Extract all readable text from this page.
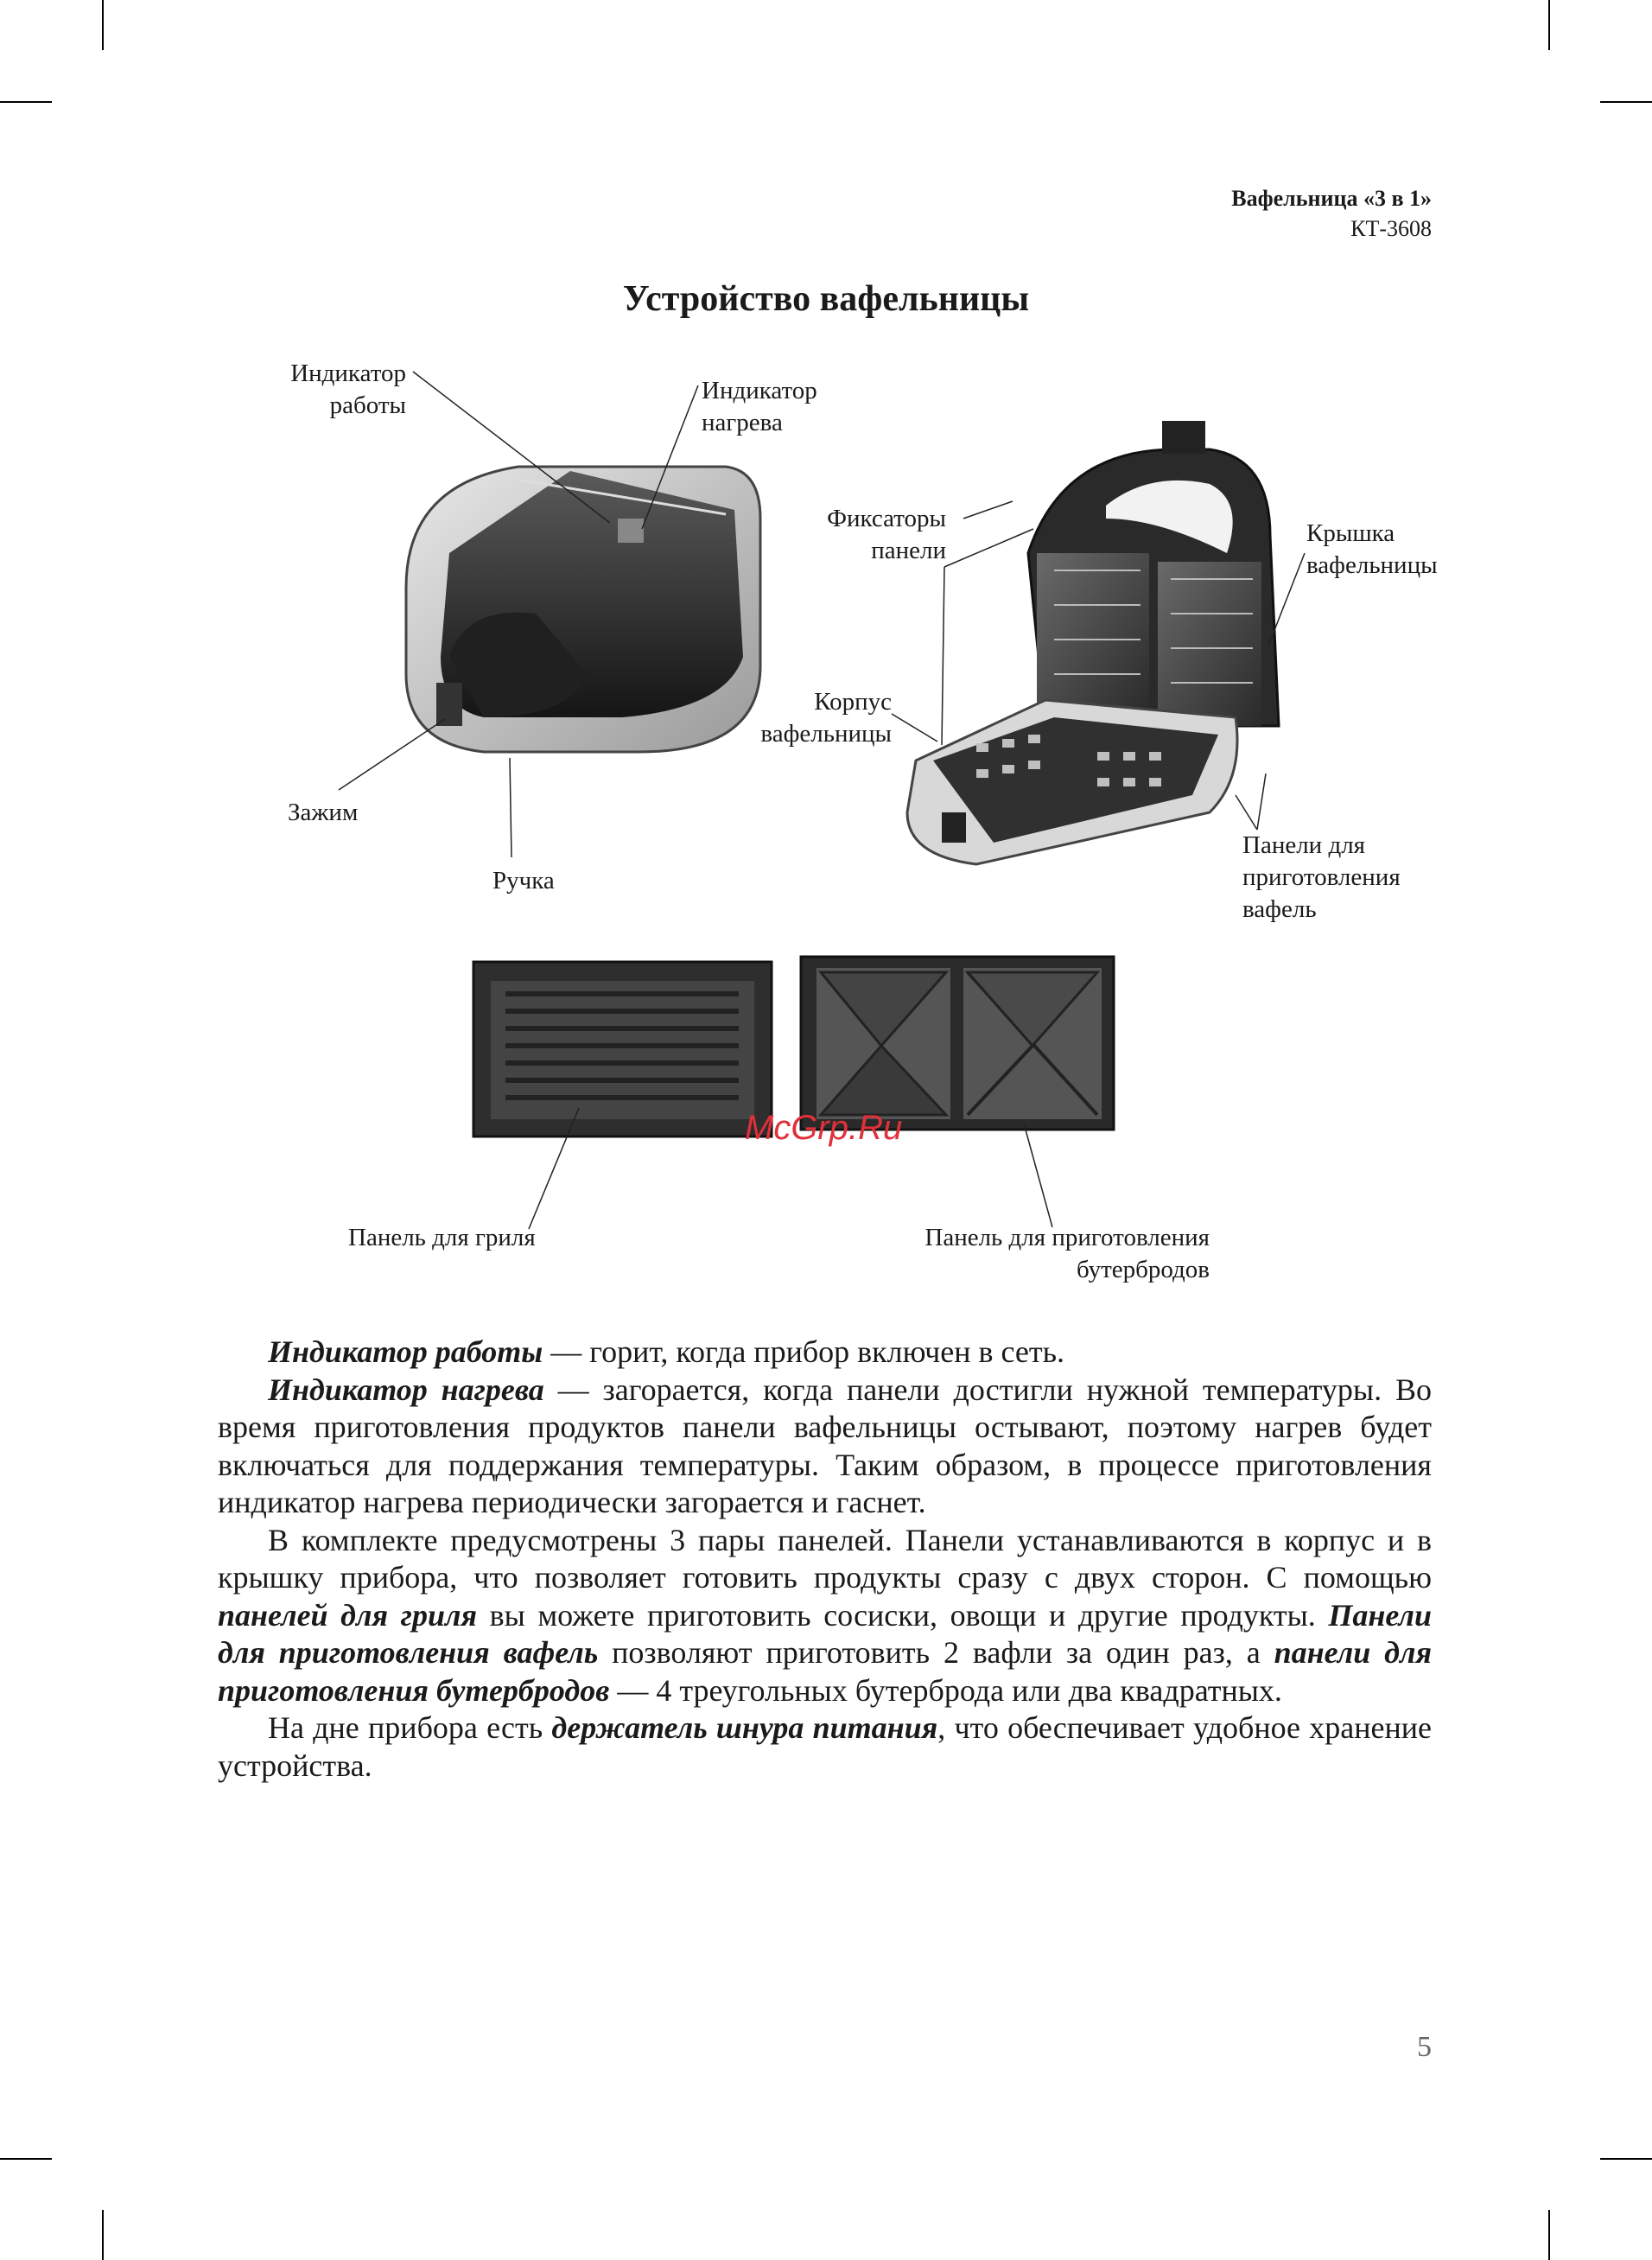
Вафельница «3 в 1»
КТ-3608
Устройство вафельницы
McGrp.Ru
Индикатор
работы
Индикатор
нагрева
Фиксаторы
панели
Крышка
вафельницы
Корпус
вафельницы
Зажим
Ручка
Панели для
приготовления
вафель
Панель для гриля	Панель для приготовления
бутербродов

Индикатор работы — горит, когда прибор включен в сеть.

Индикатор нагрева — загорается, когда панели достигли нужной температуры. Во время приготовления продуктов панели вафельницы остывают, поэтому нагрев будет включаться для поддержания температуры. Таким образом, в процессе приготовления индикатор нагрева периодически загорается и гаснет.

В комплекте предусмотрены 3 пары панелей. Панели устанавливаются в корпус и в крышку прибора, что позволяет готовить продукты сразу с двух сторон. С помощью панелей для гриля вы можете приготовить сосиски, овощи и другие продукты. Панели для приготовления вафель позволяют приготовить 2 вафли за один раз, а панели для приготовления бутербродов — 4 треугольных бутерброда или два квадратных.

На дне прибора есть держатель шнура питания, что обеспечивает удобное хранение устройства.

5
